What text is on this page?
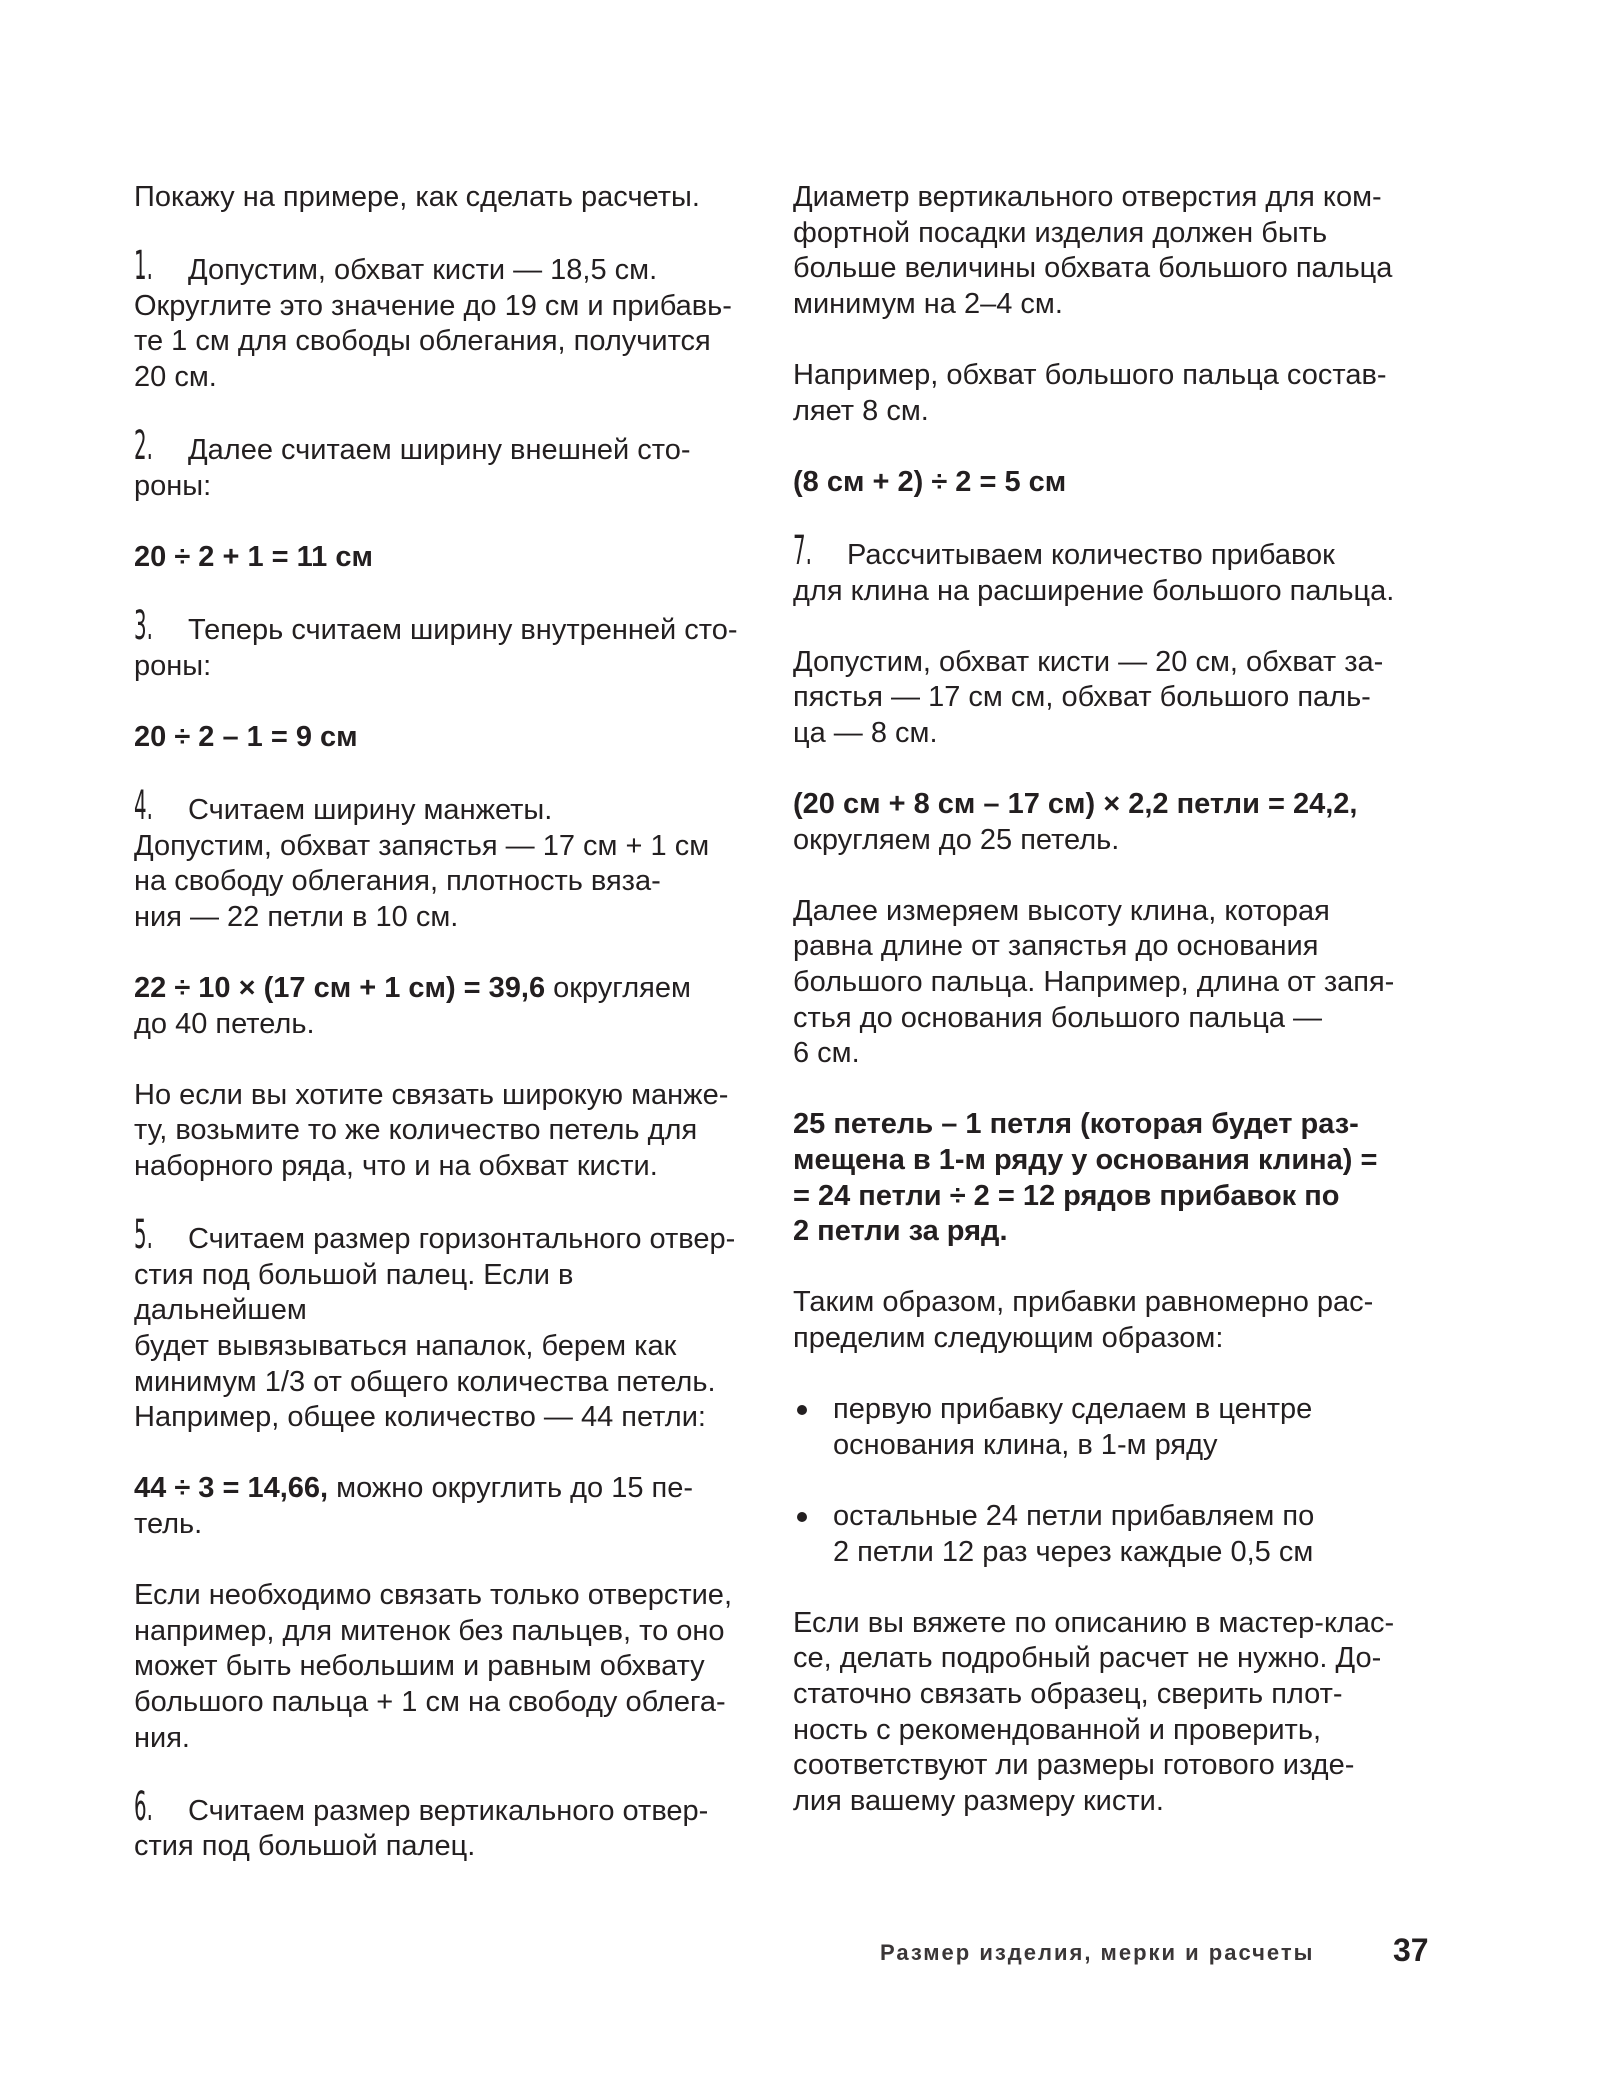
Покажу на примере, как сделать расчеты.

1. Допустим, обхват кисти — 18,5 см.
Округлите это значение до 19 см и прибавь-
те 1 см для свободы облегания, получится
20 см.

2. Далее считаем ширину внешней сто-
роны:

20 ÷ 2 + 1 = 11 см

3. Теперь считаем ширину внутренней сто-
роны:

20 ÷ 2 – 1 = 9 см

4. Считаем ширину манжеты.
Допустим, обхват запястья — 17 см + 1 см
на свободу облегания, плотность вяза-
ния — 22 петли в 10 см.

22 ÷ 10 × (17 см + 1 см) = 39,6 округляем
до 40 петель.

Но если вы хотите связать широкую манже-
ту, возьмите то же количество петель для
наборного ряда, что и на обхват кисти.

5. Считаем размер горизонтального отвер-
стия под большой палец. Если в дальнейшем
будет вывязываться напалок, берем как
минимум 1/3 от общего количества петель.
Например, общее количество — 44 петли:

44 ÷ 3 = 14,66, можно округлить до 15 пе-
тель.

Если необходимо связать только отверстие,
например, для митенок без пальцев, то оно
может быть небольшим и равным обхвату
большого пальца + 1 см на свободу облега-
ния.

6. Считаем размер вертикального отвер-
стия под большой палец.

Диаметр вертикального отверстия для ком-
фортной посадки изделия должен быть
больше величины обхвата большого пальца
минимум на 2–4 см.

Например, обхват большого пальца состав-
ляет 8 см.

(8 см + 2) ÷ 2 = 5 см

7. Рассчитываем количество прибавок
для клина на расширение большого пальца.

Допустим, обхват кисти — 20 см, обхват за-
пястья — 17 см см, обхват большого паль-
ца — 8 см.

(20 см + 8 см – 17 см) × 2,2 петли = 24,2,
округляем до 25 петель.

Далее измеряем высоту клина, которая
равна длине от запястья до основания
большого пальца. Например, длина от запя-
стья до основания большого пальца —
6 см.

25 петель – 1 петля (которая будет раз-
мещена в 1-м ряду у основания клина) =
= 24 петли ÷ 2 = 12 рядов прибавок по
2 петли за ряд.

Таким образом, прибавки равномерно рас-
пределим следующим образом:

первую прибавку сделаем в центре
основания клина, в 1-м ряду
остальные 24 петли прибавляем по
2 петли 12 раз через каждые 0,5 см

Если вы вяжете по описанию в мастер-клас-
се, делать подробный расчет не нужно. До-
статочно связать образец, сверить плот-
ность с рекомендованной и проверить,
соответствуют ли размеры готового изде-
лия вашему размеру кисти.

Размер изделия, мерки и расчеты 37
